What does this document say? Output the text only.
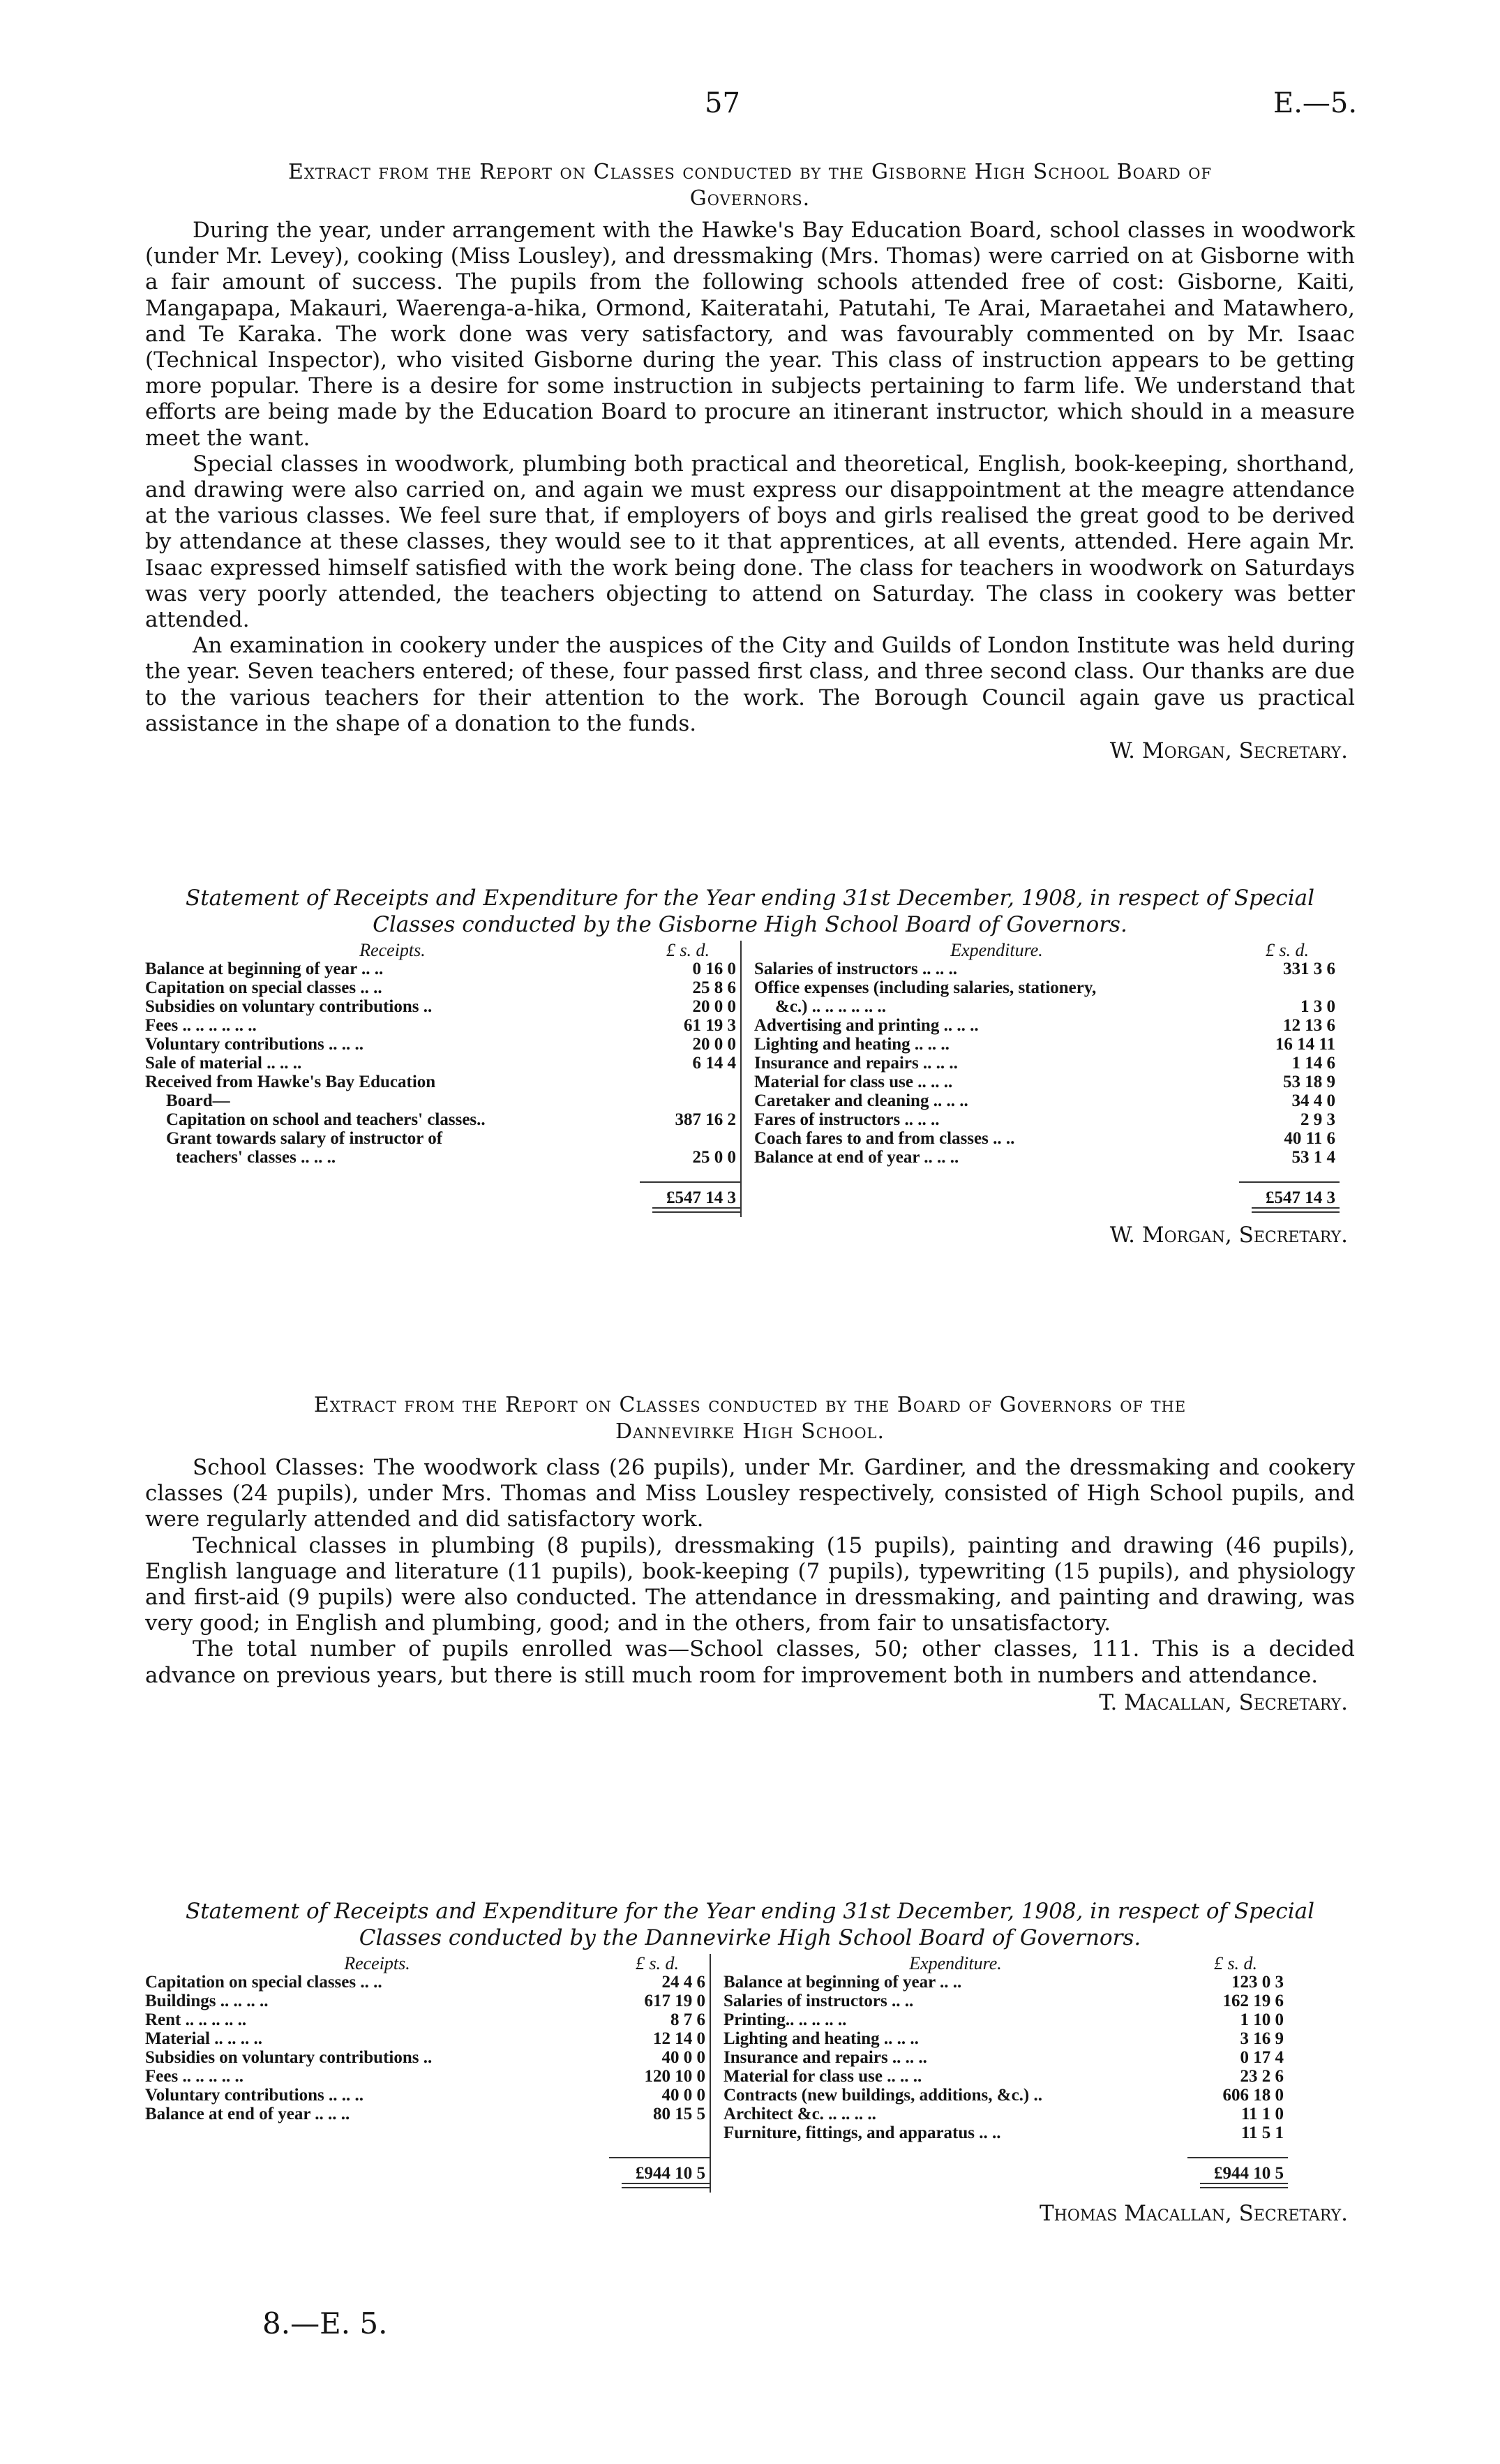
57	E.—5.
Extract from the Report on Classes conducted by the Gisborne High School Board of
Governors.

During the year, under arrangement with the Hawke's Bay Education Board, school classes in woodwork (under Mr. Levey), cooking (Miss Lousley), and dressmaking (Mrs. Thomas) were carried on at Gisborne with a fair amount of success. The pupils from the following schools attended free of cost: Gisborne, Kaiti, Mangapapa, Makauri, Waerenga-a-hika, Ormond, Kaiteratahi, Patutahi, Te Arai, Maraetahei and Matawhero, and Te Karaka. The work done was very satisfactory, and was favourably commented on by Mr. Isaac (Technical Inspector), who visited Gisborne during the year. This class of instruction appears to be getting more popular. There is a desire for some instruction in subjects pertaining to farm life. We understand that efforts are being made by the Education Board to procure an itinerant instructor, which should in a measure meet the want.

Special classes in woodwork, plumbing both practical and theoretical, English, book-keeping, shorthand, and drawing were also carried on, and again we must express our disappointment at the meagre attendance at the various classes. We feel sure that, if employers of boys and girls realised the great good to be derived by attendance at these classes, they would see to it that apprentices, at all events, attended. Here again Mr. Isaac expressed himself satisfied with the work being done. The class for teachers in woodwork on Saturdays was very poorly attended, the teachers objecting to attend on Saturday. The class in cookery was better attended.

An examination in cookery under the auspices of the City and Guilds of London Institute was held during the year. Seven teachers entered; of these, four passed first class, and three second class. Our thanks are due to the various teachers for their attention to the work. The Borough Council again gave us practical assistance in the shape of a donation to the funds.

W. Morgan, Secretary.
Statement of Receipts and Expenditure for the Year ending 31st December, 1908, in respect of Special
Classes conducted by the Gisborne High School Board of Governors.
Receipts.	£ s. d.		Expenditure.	£ s. d.
Balance at beginning of year .. ..	0 16 0		Salaries of instructors .. .. ..	331 3 6
Capitation on special classes .. ..	25 8 6		Office expenses (including salaries, stationery,	
Subsidies on voluntary contributions ..	20 0 0		&c.) .. .. .. .. .. ..	1 3 0
Fees .. .. .. .. .. ..	61 19 3		Advertising and printing .. .. ..	12 13 6
Voluntary contributions .. .. ..	20 0 0		Lighting and heating .. .. ..	16 14 11
Sale of material .. .. ..	6 14 4		Insurance and repairs .. .. ..	1 14 6
Received from Hawke's Bay Education			Material for class use .. .. ..	53 18 9
Board—			Caretaker and cleaning .. .. ..	34 4 0
Capitation on school and teachers' classes..	387 16 2		Fares of instructors .. .. ..	2 9 3
Grant towards salary of instructor of			Coach fares to and from classes .. ..	40 11 6
teachers' classes .. .. ..	25 0 0		Balance at end of year .. .. ..	53 1 4

	£547 14 3			£547 14 3

W. Morgan, Secretary.
Extract from the Report on Classes conducted by the Board of Governors of the
Dannevirke High School.

School Classes: The woodwork class (26 pupils), under Mr. Gardiner, and the dressmaking and cookery classes (24 pupils), under Mrs. Thomas and Miss Lousley respectively, consisted of High School pupils, and were regularly attended and did satisfactory work.

Technical classes in plumbing (8 pupils), dressmaking (15 pupils), painting and drawing (46 pupils), English language and literature (11 pupils), book-keeping (7 pupils), typewriting (15 pupils), and physiology and first-aid (9 pupils) were also conducted. The attendance in dressmaking, and painting and drawing, was very good; in English and plumbing, good; and in the others, from fair to unsatisfactory.

The total number of pupils enrolled was—School classes, 50; other classes, 111. This is a decided advance on previous years, but there is still much room for improvement both in numbers and attendance.

T. Macallan, Secretary.
Statement of Receipts and Expenditure for the Year ending 31st December, 1908, in respect of Special
Classes conducted by the Dannevirke High School Board of Governors.
Receipts.	£ s. d.		Expenditure.	£ s. d.
Capitation on special classes .. ..	24 4 6		Balance at beginning of year .. ..	123 0 3
Buildings .. .. .. ..	617 19 0		Salaries of instructors .. ..	162 19 6
Rent .. .. .. .. ..	8 7 6		Printing.. .. .. .. ..	1 10 0
Material .. .. .. ..	12 14 0		Lighting and heating .. .. ..	3 16 9
Subsidies on voluntary contributions ..	40 0 0		Insurance and repairs .. .. ..	0 17 4
Fees .. .. .. .. ..	120 10 0		Material for class use .. .. ..	23 2 6
Voluntary contributions .. .. ..	40 0 0		Contracts (new buildings, additions, &c.) ..	606 18 0
Balance at end of year .. .. ..	80 15 5		Architect &c. .. .. .. ..	11 1 0
			Furniture, fittings, and apparatus .. ..	11 5 1

	£944 10 5			£944 10 5

Thomas Macallan, Secretary.
8.—E. 5.
